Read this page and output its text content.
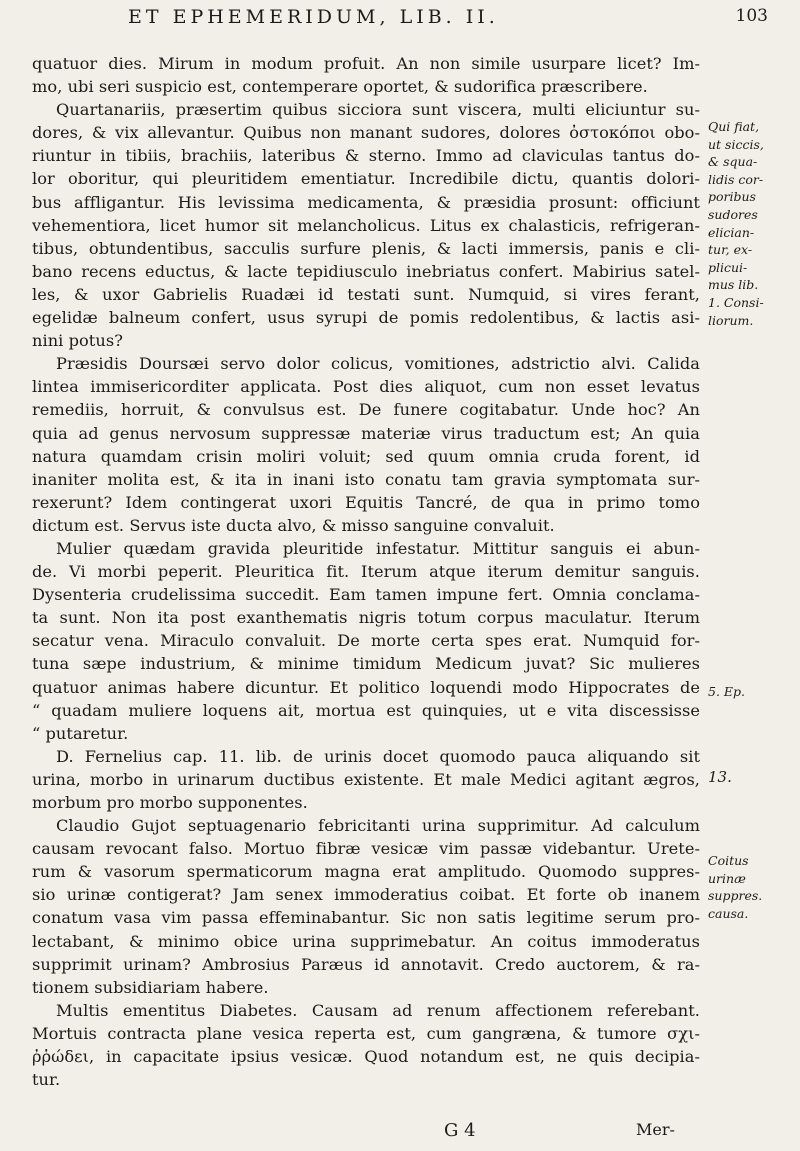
ET EPHEMERIDUM, LIB. II.	103
quatuor dies. Mirum in modum profuit. An non simile usurpare licet? Im-
mo, ubi seri suspicio est, contemperare oportet, & sudorifica præscribere.
Quartanariis, præsertim quibus sicciora sunt viscera, multi eliciuntur su-
dores, & vix allevantur. Quibus non manant sudores, dolores ὀστοκόποι obo-
riuntur in tibiis, brachiis, lateribus & sterno. Immo ad claviculas tantus do-
lor oboritur, qui pleuritidem ementiatur. Incredibile dictu, quantis dolori-
bus affligantur. His levissima medicamenta, & præsidia prosunt: officiunt
vehementiora, licet humor sit melancholicus. Litus ex chalasticis, refrigeran-
tibus, obtundentibus, sacculis surfure plenis, & lacti immersis, panis e cli-
bano recens eductus, & lacte tepidiusculo inebriatus confert. Mabirius satel-
les, & uxor Gabrielis Ruadæi id testati sunt. Numquid, si vires ferant,
egelidæ balneum confert, usus syrupi de pomis redolentibus, & lactis asi-
nini potus?
Præsidis Doursæi servo dolor colicus, vomitiones, adstrictio alvi. Calida
lintea immisericorditer applicata. Post dies aliquot, cum non esset levatus
remediis, horruit, & convulsus est. De funere cogitabatur. Unde hoc? An
quia ad genus nervosum suppressæ materiæ virus traductum est; An quia
natura quamdam crisin moliri voluit; sed quum omnia cruda forent, id
inaniter molita est, & ita in inani isto conatu tam gravia symptomata sur-
rexerunt? Idem contingerat uxori Equitis Tancré, de qua in primo tomo
dictum est. Servus iste ducta alvo, & misso sanguine convaluit.
Mulier quædam gravida pleuritide infestatur. Mittitur sanguis ei abun-
de. Vi morbi peperit. Pleuritica fit. Iterum atque iterum demitur sanguis.
Dysenteria crudelissima succedit. Eam tamen impune fert. Omnia conclama-
ta sunt. Non ita post exanthematis nigris totum corpus maculatur. Iterum
secatur vena. Miraculo convaluit. De morte certa spes erat. Numquid for-
tuna sæpe industrium, & minime timidum Medicum juvat? Sic mulieres
quatuor animas habere dicuntur. Et politico loquendi modo Hippocrates de
“ quadam muliere loquens ait, mortua est quinquies, ut e vita discessisse
“ putaretur.
D. Fernelius cap. 11. lib. de urinis docet quomodo pauca aliquando sit
urina, morbo in urinarum ductibus existente. Et male Medici agitant ægros,
morbum pro morbo supponentes.
Claudio Gujot septuagenario febricitanti urina supprimitur. Ad calculum
causam revocant falso. Mortuo fibræ vesicæ vim passæ videbantur. Urete-
rum & vasorum spermaticorum magna erat amplitudo. Quomodo suppres-
sio urinæ contigerat? Jam senex immoderatius coibat. Et forte ob inanem
conatum vasa vim passa effeminabantur. Sic non satis legitime serum pro-
lectabant, & minimo obice urina supprimebatur. An coitus immoderatus
supprimit urinam? Ambrosius Paræus id annotavit. Credo auctorem, & ra-
tionem subsidiariam habere.
Multis ementitus Diabetes. Causam ad renum affectionem referebant.
Mortuis contracta plane vesica reperta est, cum gangræna, & tumore σχι-
ῤῥώδει, in capacitate ipsius vesicæ. Quod notandum est, ne quis decipia-
tur.
Qui fiat,
ut siccis,
& squa-
lidis cor-
poribus
sudores
elician-
tur, ex-
plicui-
mus lib.
1. Consi-
liorum.
5. Ep.
13.
Coitus
urinæ
suppres.
causa.
G 4	Mer-
